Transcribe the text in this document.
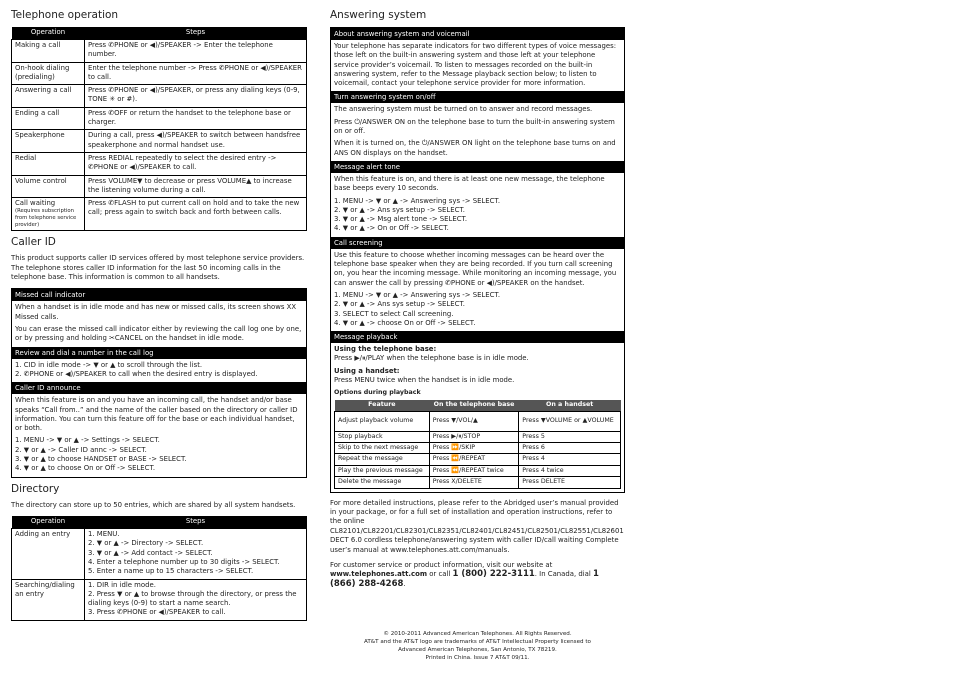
Telephone operation
Operation	Steps
Making a call	Press ✆PHONE or ◀)/SPEAKER -> Enter the telephone number.
On-hook dialing (predialing)	Enter the telephone number -> Press ✆PHONE or ◀)/SPEAKER to call.
Answering a call	Press ✆PHONE or ◀)/SPEAKER, or press any dialing keys (0-9, TONE ✳ or #).
Ending a call	Press ✆OFF or return the handset to the telephone base or charger.
Speakerphone	During a call, press ◀)/SPEAKER to switch between handsfree speakerphone and normal handset use.
Redial	Press REDIAL repeatedly to select the desired entry -> ✆PHONE or ◀)/SPEAKER to call.
Volume control	Press VOLUME▼ to decrease or press VOLUME▲ to increase the listening volume during a call.

Call waiting
(Requires subscription from telephone service provider)	Press ✆FLASH to put current call on hold and to take the new call; press again to switch back and forth between calls.
Caller ID

This product supports caller ID services offered by most telephone service providers. The telephone stores caller ID information for the last 50 incoming calls in the telephone base. This information is common to all handsets.

Missed call indicator

When a handset is in idle mode and has new or missed calls, its screen shows XX Missed calls.

You can erase the missed call indicator either by reviewing the call log one by one, or by pressing and holding ✂CANCEL on the handset in idle mode.

Review and dial a number in the call log
1. CID in idle mode -> ▼ or ▲ to scroll through the list.
2. ✆PHONE or ◀)/SPEAKER to call when the desired entry is displayed.
Caller ID announce

When this feature is on and you have an incoming call, the handset and/or base speaks “Call from..” and the name of the caller based on the directory or caller ID information. You can turn this feature off for the base or each individual handset, or both.

1. MENU -> ▼ or ▲ -> Settings -> SELECT.
2. ▼ or ▲ -> Caller ID annc -> SELECT.
3. ▼ or ▲ to choose HANDSET or BASE -> SELECT.
4. ▼ or ▲ to choose On or Off -> SELECT.
Directory

The directory can store up to 50 entries, which are shared by all system handsets.

Operation	Steps
Adding an entry	1. MENU.
2. ▼ or ▲ -> Directory -> SELECT.
3. ▼ or ▲ -> Add contact -> SELECT.
4. Enter a telephone number up to 30 digits -> SELECT.
5. Enter a name up to 15 characters -> SELECT.

Searching/dialing an entry	1. DIR in idle mode.
2. Press ▼ or ▲ to browse through the directory, or press the dialing keys (0-9) to start a name search.
3. Press ✆PHONE or ◀)/SPEAKER to call.
Answering system
About answering system and voicemail

Your telephone has separate indicators for two different types of voice messages: those left on the built-in answering system and those left at your telephone service provider’s voicemail. To listen to messages recorded on the built-in answering system, refer to the Message playback section below; to listen to voicemail, contact your telephone service provider for more information.

Turn answering system on/off

The answering system must be turned on to answer and record messages.

Press ⏻/ANSWER ON on the telephone base to turn the built-in answering system on or off.

When it is turned on, the ⏻/ANSWER ON light on the telephone base turns on and ANS ON displays on the handset.

Message alert tone

When this feature is on, and there is at least one new message, the telephone base beeps every 10 seconds.

1. MENU -> ▼ or ▲ -> Answering sys -> SELECT.
2. ▼ or ▲ -> Ans sys setup -> SELECT.
3. ▼ or ▲ -> Msg alert tone -> SELECT.
4. ▼ or ▲ -> On or Off -> SELECT.
Call screening

Use this feature to choose whether incoming messages can be heard over the telephone base speaker when they are being recorded. If you turn call screening on, you hear the incoming message. While monitoring an incoming message, you can answer the call by pressing ✆PHONE or ◀)/SPEAKER on the handset.

1. MENU -> ▼ or ▲ -> Answering sys -> SELECT.
2. ▼ or ▲ -> Ans sys setup -> SELECT.
3. SELECT to select Call screening.
4. ▼ or ▲ -> choose On or Off -> SELECT.
Message playback
Using the telephone base:

Press ▶/⏸/PLAY when the telephone base is in idle mode.

Using a handset:

Press MENU twice when the handset is in idle mode.

Options during playback
Feature	On the telephone base	On a handset
Adjust playback volume	Press ▼/VOL/▲	Press ▼VOLUME or ▲VOLUME
Stop playback	Press ▶/⏸/STOP	Press 5
Skip to the next message	Press ⏩/SKIP	Press 6
Repeat the message	Press ⏪/REPEAT	Press 4
Play the previous message	Press ⏪/REPEAT twice	Press 4 twice
Delete the message	Press X/DELETE	Press DELETE

For more detailed instructions, please refer to the Abridged user’s manual provided in your package, or for a full set of installation and operation instructions, refer to the online CL82101/CL82201/CL82301/CL82351/CL82401/CL82451/CL82501/CL82551/CL82601 DECT 6.0 cordless telephone/answering system with caller ID/call waiting Complete user’s manual at www.telephones.att.com/manuals.

For customer service or product information, visit our website at
www.telephones.att.com or call 1 (800) 222-3111. In Canada, dial 1 (866) 288-4268.

© 2010-2011 Advanced American Telephones. All Rights Reserved.
AT&T and the AT&T logo are trademarks of AT&T Intellectual Property licensed to
Advanced American Telephones, San Antonio, TX 78219.
Printed in China. Issue 7 AT&T 09/11.
